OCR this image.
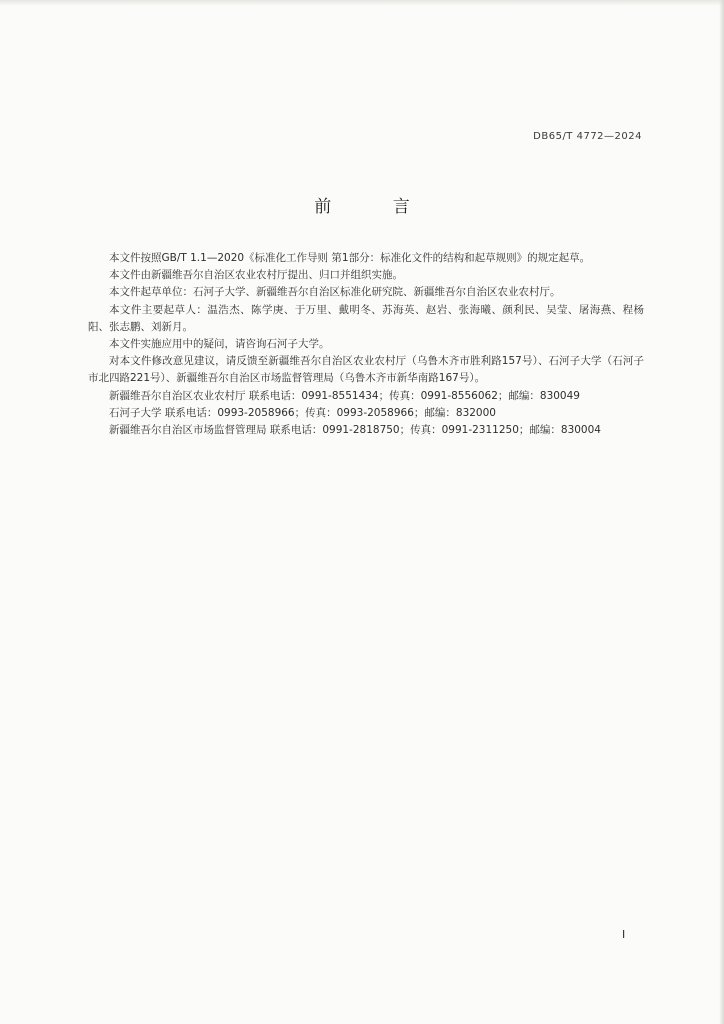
DB65/T 4772—2024
前 言

本文件按照GB/T 1.1—2020《标准化工作导则 第1部分：标准化文件的结构和起草规则》的规定起草。

本文件由新疆维吾尔自治区农业农村厅提出、归口并组织实施。

本文件起草单位：石河子大学、新疆维吾尔自治区标准化研究院、新疆维吾尔自治区农业农村厅。

本文件主要起草人：温浩杰、陈学庚、于万里、戴明冬、苏海英、赵岩、张海曦、颜利民、吴莹、屠海燕、程杨阳、张志鹏、刘新月。

本文件实施应用中的疑问，请咨询石河子大学。

对本文件修改意见建议，请反馈至新疆维吾尔自治区农业农村厅（乌鲁木齐市胜利路157号）、石河子大学（石河子市北四路221号）、新疆维吾尔自治区市场监督管理局（乌鲁木齐市新华南路167号）。

新疆维吾尔自治区农业农村厅 联系电话：0991-8551434；传真：0991-8556062；邮编：830049

石河子大学 联系电话：0993-2058966；传真：0993-2058966；邮编：832000

新疆维吾尔自治区市场监督管理局 联系电话：0991-2818750；传真：0991-2311250；邮编：830004

I
